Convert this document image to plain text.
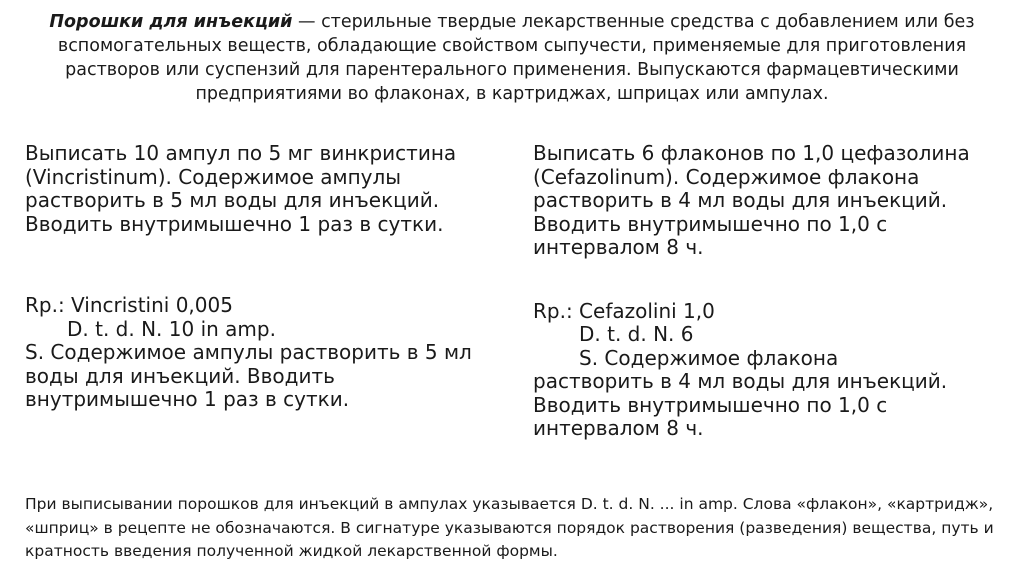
Порошки для инъекций — стерильные твердые лекарственные средства с добавлением или без вспомогательных веществ, обладающие свойством сыпучести, применяемые для приготовления растворов или суспензий для парентерального применения. Выпускаются фармацевтическими предприятиями во флаконах, в картриджах, шприцах или ампулах.

Выписать 10 ампул по 5 мг винкристина (Vincristinum). Содержимое ампулы растворить в 5 мл воды для инъекций. Вводить внутримышечно 1 раз в сутки.

Rp.: Vincristini 0,005
D. t. d. N. 10 in amp.
S. Содержимое ампулы растворить в 5 мл воды для инъекций. Вводить внутримышечно 1 раз в сутки.

Выписать 6 флаконов по 1,0 цефазолина (Cefazolinum). Содержимое флакона растворить в 4 мл воды для инъекций. Вводить внутримышечно по 1,0 с интервалом 8 ч.

Rp.: Cefazolini 1,0
D. t. d. N. 6
S. Содержимое флакона
растворить в 4 мл воды для инъекций. Вводить внутримышечно по 1,0 с интервалом 8 ч.
При выписывании порошков для инъекций в ампулах указывается D. t. d. N. ... in amp. Слова «флакон», «картридж», «шприц» в рецепте не обозначаются. В сигнатуре указываются порядок растворения (разведения) вещества, путь и кратность введения полученной жидкой лекарственной формы.
